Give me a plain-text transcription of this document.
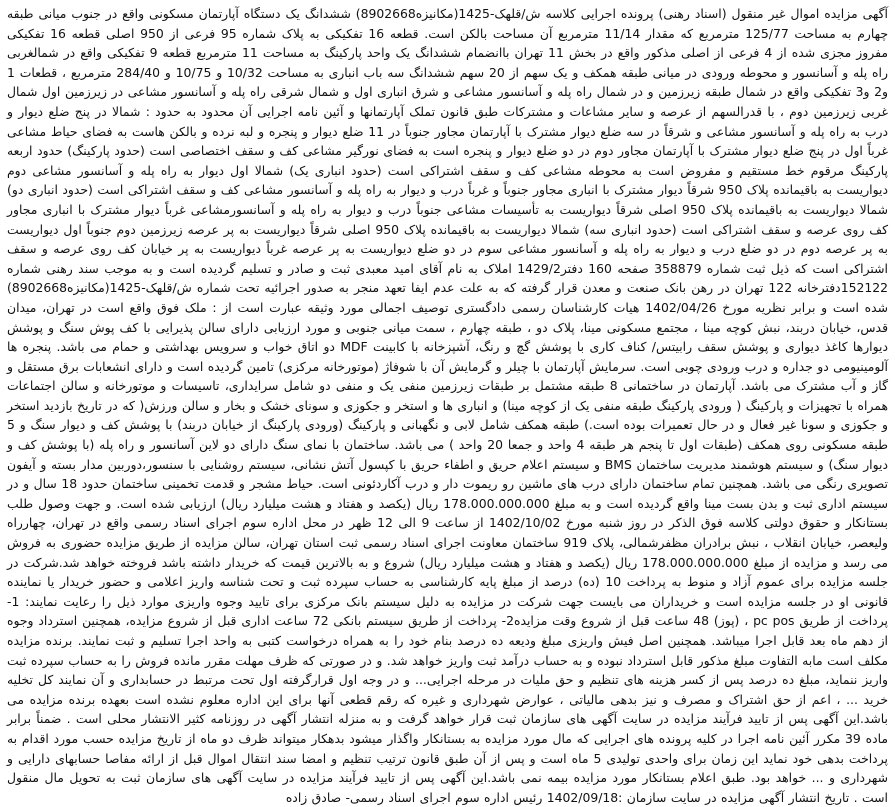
آگهی مزایده اموال غیر منقول (اسناد رهنی) پرونده اجرایی کلاسه ش/قلهک-1425(مکانیزه8902668) ششدانگ یک دستگاه آپارتمان مسکونی واقع در جنوب میانی طبقه چهارم به مساحت 125/77 مترمربع که مقدار 11/14 مترمربع آن مساحت بالکن است. قطعه 16 تفکیکی به پلاک شماره 95 فرعی از 950 اصلی قطعه 16 تفکیکی مفروز مجزی شده از 4 فرعی از اصلی مذکور واقع در بخش 11 تهران باانضمام ششدانگ یک واحد پارکینگ به مساحت 11 مترمربع قطعه 9 تفکیکی واقع در شمالغربی راه پله و آسانسور و محوطه ورودی در میانی طبقه همکف و یک سهم از 20 سهم ششدانگ سه باب انباری به مساحت 10/32 و 10/75 و 284/40 مترمربع ، قطعات 1 و2 و3 تفکیکی واقع در شمال طبقه زیرزمین و در شمال راه پله و آسانسور مشاعی و شرق انباری اول و شمال شرقی راه پله و آسانسور مشاعی در زیرزمین اول شمال غربی زیرزمین دوم ، با قدرالسهم از عرصه و سایر مشاعات و مشترکات طبق قانون تملک آپارتمانها و آئین نامه اجرایی آن محدود به حدود : شمالا در پنج ضلع دیوار و درب به راه پله و آسانسور مشاعی و شرقاً در سه ضلع دیوار مشترک با آپارتمان مجاور جنوباً در 11 ضلع دیوار و پنجره و لبه نرده و بالکن هاست به فضای حیاط مشاعی غرباً اول در پنج ضلع دیوار مشترک با آپارتمان مجاور دوم در دو ضلع دیوار و پنجره است به فضای نورگیر مشاعی کف و سقف اختصاصی است (حدود پارکینگ) حدود اربعه پارکینگ مرقوم خط مستقیم و مفروض است به محوطه مشاعی کف و سقف اشتراکی است (حدود انباری یک) شمالا اول دیوار به راه پله و آسانسور مشاعی دوم دیواریست به باقیمانده پلاک 950 شرقاً دیوار مشترک با انباری مجاور جنوباً و غرباً درب و دیوار به راه پله و آسانسور مشاعی کف و سقف اشتراکی است (حدود انباری دو) شمالا دیواریست به باقیمانده پلاک 950 اصلی شرقاً دیواریست به تأسیسات مشاعی جنوباً درب و دیوار به راه پله و آسانسورمشاعی غرباً دیوار مشترک با انباری مجاور کف روی عرصه و سقف اشتراکی است (حدود انباری سه) شمالا دیواریست به باقیمانده پلاک 950 اصلی شرقاً دیواریست به پر عرصه زیرزمین دوم جنوباً اول دیواریست به پر عرصه دوم در دو ضلع درب و دیوار به راه پله و آسانسور مشاعی سوم در دو ضلع دیواریست به پر عرصه غرباً دیواریست به پر خیابان کف روی عرصه و سقف اشتراکی است که ذیل ثبت شماره 358879 صفحه 160 دفتر1429/2 املاک به نام آقای امید معبدی ثبت و صادر و تسلیم گردیده است و به موجب سند رهنی شماره 152122دفترخانه 122 تهران در رهن بانک صنعت و معدن قرار گرفته که به علت عدم ایفا تعهد منجر به صدور اجرائیه تحت شماره ش/قلهک-1425(مکانیزه8902668) شده است و برابر نظریه مورخ 1402/04/26 هیات کارشناسان رسمی دادگستری توصیف اجمالی مورد وثیقه عبارت است از : ملک فوق واقع است در تهران، میدان قدس، خیابان دربند، نبش کوچه مینا ، مجتمع مسکونی مینا، پلاک دو ، طبقه چهارم ، سمت میانی جنوبی و مورد ارزیابی دارای سالن پذیرایی با کف پوش سنگ و پوشش دیوارها کاغذ دیواری و پوشش سقف رابیتس/ کناف کاری با پوشش گچ و رنگ، آشپزخانه با کابینت MDF دو اتاق خواب و سرویس بهداشتی و حمام می باشد. پنجره ها آلومینیومی دو جداره و درب ورودی چوبی است. سرمایش آپارتمان با چیلر و گرمایش آن با شوفاژ (موتورخانه مرکزی) تامین گردیده است و دارای انشعابات برق مستقل و گاز و آب مشترک می باشد. آپارتمان در ساختمانی 8 طبقه مشتمل بر طبقات زیرزمین منفی یک و منفی دو شامل سرایداری، تاسیسات و موتورخانه و سالن اجتماعات همراه با تجهیزات و پارکینگ ( ورودی پارکینگ طبقه منفی یک از کوچه مینا) و انباری ها و استخر و جکوزی و سونای خشک و بخار و سالن ورزش( که در تاریخ بازدید استخر و جکوزی و سونا غیر فعال و در حال تعمیرات بوده است.) طبقه همکف شامل لابی و نگهبانی و پارکینگ (ورودی پارکینگ از خیابان دربند) با پوشش کف و دیوار سنگ و 5 طبقه مسکونی روی همکف (طبقات اول تا پنجم هر طبقه 4 واحد و جمعا 20 واحد ) می باشد. ساختمان با نمای سنگ دارای دو لاین آسانسور و راه پله (با پوشش کف و دیوار سنگ) و سیستم هوشمند مدیریت ساختمان BMS و سیستم اعلام حریق و اطفاء حریق با کپسول آتش نشانی، سیستم روشنایی با سنسور،دوربین مدار بسته و آیفون تصویری رنگی می باشد. همچنین تمام ساختمان دارای درب های ماشین رو ریموت دار و درب آکاردئونی است. حیاط مشجر و قدمت تخمینی ساختمان حدود 18 سال و در سیستم اداری ثبت و بدن بست مینا واقع گردیده است و به مبلغ 178.000.000.000 ریال (یکصد و هفتاد و هشت میلیارد ریال) ارزیابی شده است. و جهت وصول طلب بستانکار و حقوق دولتی کلاسه فوق الذکر در روز شنبه مورخ 1402/10/02 از ساعت 9 الی 12 ظهر در محل اداره سوم اجرای اسناد رسمی واقع در تهران، چهارراه ولیعصر، خیابان انقلاب ، نبش برادران مظفرشمالی، پلاک 919 ساختمان معاونت اجرای اسناد رسمی ثبت استان تهران، سالن مزایده از طریق مزایده حضوری به فروش می رسد و مزایده از مبلغ 178.000.000.000 ریال (یکصد و هفتاد و هشت میلیارد ریال) شروع و به بالاترین قیمت که خریدار داشته باشد فروخته خواهد شد.شرکت در جلسه مزایده برای عموم آزاد و منوط به پرداخت 10 (ده) درصد از مبلغ پایه کارشناسی به حساب سپرده ثبت و تحت شناسه واریز اعلامی و حضور خریدار یا نماینده قانونی او در جلسه مزایده است و خریداران می بایست جهت شرکت در مزایده به دلیل سیستم بانک مرکزی برای تایید وجوه واریزی موارد ذیل را رعایت نمایند: 1- پرداخت از طریق pc pos ، (پوز) 48 ساعت قبل از شروع وقت مزایده2- پرداخت از طریق سیستم بانکی 72 ساعت اداری قبل از شروع مزایده، همچنین استرداد وجوه از دهم ماه بعد قابل اجرا میباشد. همچنین اصل فیش واریزی مبلغ ودیعه ده درصد بنام خود را به همراه درخواست کتبی به واحد اجرا تسلیم و ثبت نمایند. برنده مزایده مکلف است مابه التفاوت مبلغ مذکور قابل استرداد نبوده و به حساب درآمد ثبت واریز خواهد شد. و در صورتی که ظرف مهلت مقرر مانده فروش را به حساب سپرده ثبت واریز ننماید، مبلغ ده درصد پس از کسر هزینه های تنظیم و حق ملیات در مرحله اجرایی... و در وجه اول قرارگرفته اول تحت مرتبط در حسابداری و آن نمایند کل تخلیه خرید ... ، اعم از حق اشتراک و مصرف و نیز بدهی مالیاتی ، عوارض شهرداری و غیره که رقم قطعی آنها برای این اداره معلوم نشده است بعهده برنده مزایده می باشد.این آگهی پس از تایید فرآیند مزایده در سایت آگهی های سازمان ثبت قرار خواهد گرفت و به منزله انتشار آگهی در روزنامه کثیر الانتشار محلی است . ضمناً برابر ماده 39 مکرر آئین نامه اجرا در کلیه پرونده های اجرایی که مال مورد مزایده به بستانکار واگذار میشود بدهکار میتواند ظرف دو ماه از تاریخ مزایده حسب مورد اقدام به پرداخت بدهی خود نماید این زمان برای واحدی تولیدی 5 ماه است و پس از آن طبق قانون ترتیب تنظیم و امضا سند انتقال اموال قبل از ارائه مفاصا حسابهای دارایی و شهرداری و ... خواهد بود. طبق اعلام بستانکار مورد مزایده بیمه نمی باشد.این آگهی پس از تایید فرآیند مزایده در سایت آگهی های سازمان ثبت به تحویل مال منقول است . تاریخ انتشار آگهی مزایده در سایت سازمان :1402/09/18 رئیس اداره سوم اجرای اسناد رسمی- صادق زاده
